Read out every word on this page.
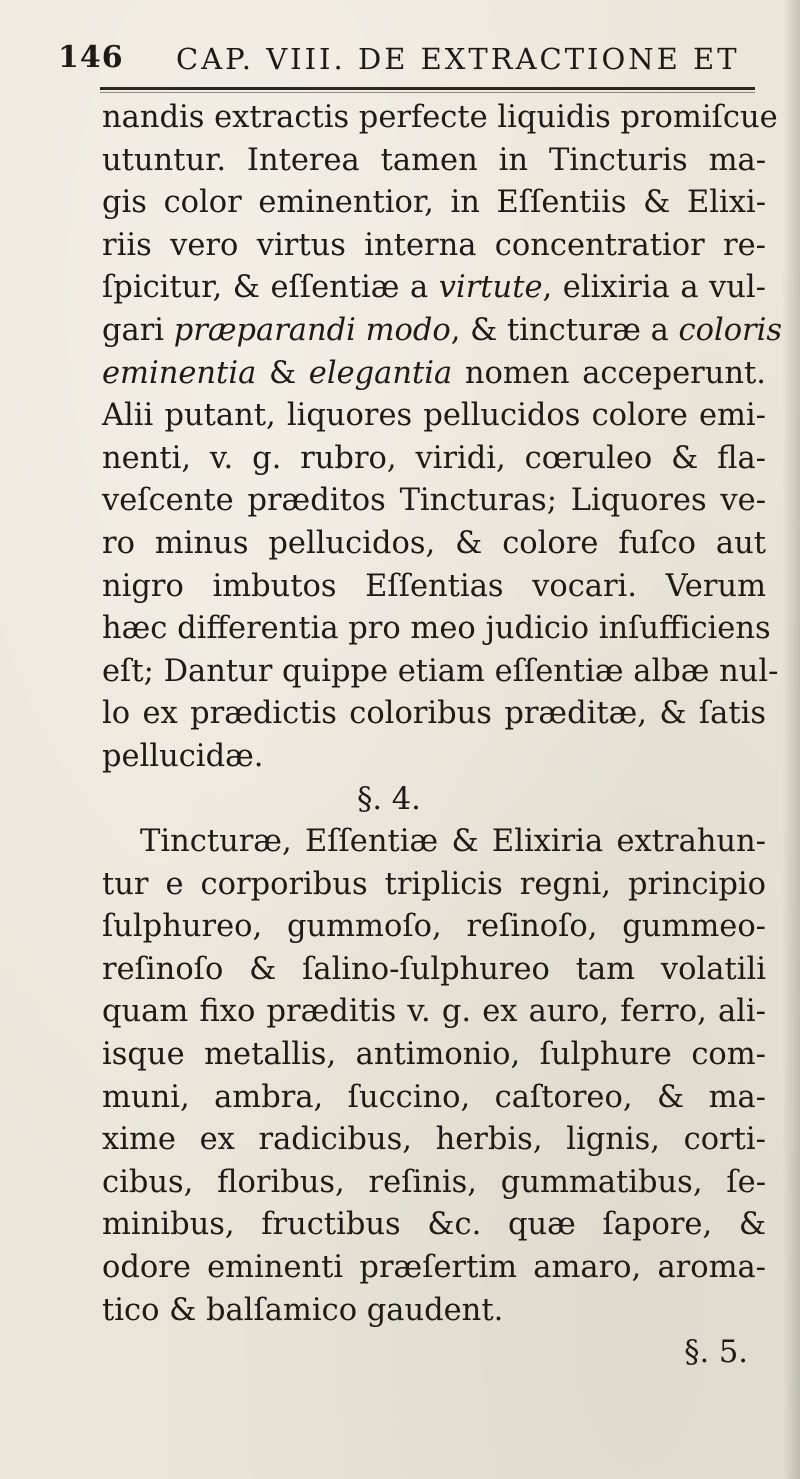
146 CAP. VIII. DE EXTRACTIONE ET
nandis extractis perfecte liquidis promiſcue
utuntur. Interea tamen in Tincturis ma-
gis color eminentior, in Eſſentiis & Elixi-
riis vero virtus interna concentratior re-
ſpicitur, & eſſentiæ a virtute, elixiria a vul-
gari præparandi modo, & tincturæ a coloris
eminentia & elegantia nomen acceperunt.
Alii putant, liquores pellucidos colore emi-
nenti, v. g. rubro, viridi, cœruleo & fla-
veſcente præditos Tincturas; Liquores ve-
ro minus pellucidos, & colore fuſco aut
nigro imbutos Eſſentias vocari. Verum
hæc differentia pro meo judicio inſufficiens
eſt; Dantur quippe etiam eſſentiæ albæ nul-
lo ex prædictis coloribus præditæ, & ſatis
pellucidæ.
§. 4.
Tincturæ, Eſſentiæ & Elixiria extrahun-
tur e corporibus triplicis regni, principio
ſulphureo, gummoſo, reſinoſo, gummeo-
reſinoſo & ſalino-ſulphureo tam volatili
quam fixo præditis v. g. ex auro, ferro, ali-
isque metallis, antimonio, ſulphure com-
muni, ambra, ſuccino, caſtoreo, & ma-
xime ex radicibus, herbis, lignis, corti-
cibus, floribus, reſinis, gummatibus, ſe-
minibus, fructibus &c. quæ ſapore, &
odore eminenti præſertim amaro, aroma-
tico & balſamico gaudent.
§. 5.
